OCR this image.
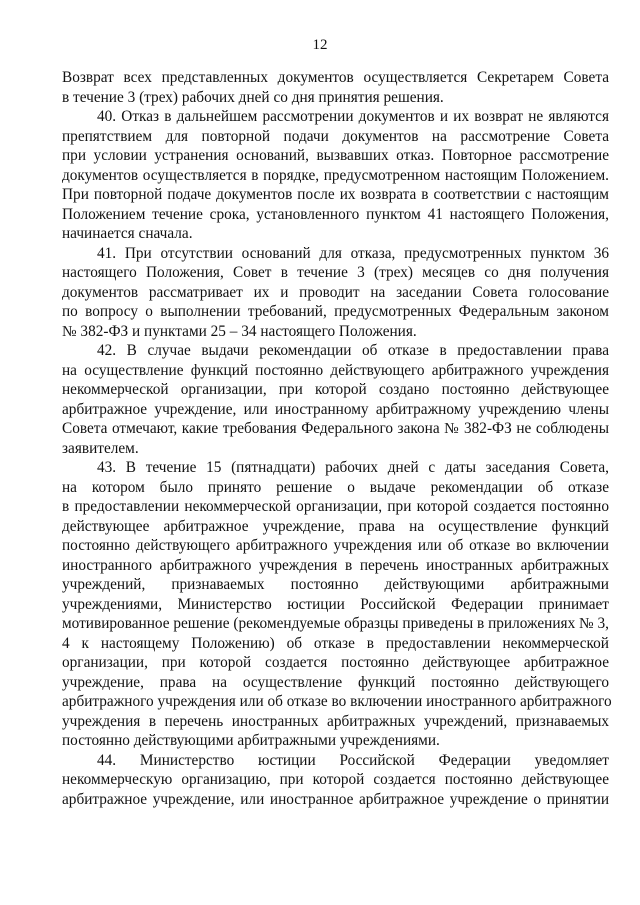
12
Возврат всех представленных документов осуществляется Секретарем Совета
в течение 3 (трех) рабочих дней со дня принятия решения.
40. Отказ в дальнейшем рассмотрении документов и их возврат не являются
препятствием для повторной подачи документов на рассмотрение Совета
при условии устранения оснований, вызвавших отказ. Повторное рассмотрение
документов осуществляется в порядке, предусмотренном настоящим Положением.
При повторной подаче документов после их возврата в соответствии с настоящим
Положением течение срока, установленного пунктом 41 настоящего Положения,
начинается сначала.
41. При отсутствии оснований для отказа, предусмотренных пунктом 36
настоящего Положения, Совет в течение 3 (трех) месяцев со дня получения
документов рассматривает их и проводит на заседании Совета голосование
по вопросу о выполнении требований, предусмотренных Федеральным законом
№ 382-ФЗ и пунктами 25 – 34 настоящего Положения.
42. В случае выдачи рекомендации об отказе в предоставлении права
на осуществление функций постоянно действующего арбитражного учреждения
некоммерческой организации, при которой создано постоянно действующее
арбитражное учреждение, или иностранному арбитражному учреждению члены
Совета отмечают, какие требования Федерального закона № 382-ФЗ не соблюдены
заявителем.
43. В течение 15 (пятнадцати) рабочих дней с даты заседания Совета,
на котором было принято решение о выдаче рекомендации об отказе
в предоставлении некоммерческой организации, при которой создается постоянно
действующее арбитражное учреждение, права на осуществление функций
постоянно действующего арбитражного учреждения или об отказе во включении
иностранного арбитражного учреждения в перечень иностранных арбитражных
учреждений, признаваемых постоянно действующими арбитражными
учреждениями, Министерство юстиции Российской Федерации принимает
мотивированное решение (рекомендуемые образцы приведены в приложениях № 3,
4 к настоящему Положению) об отказе в предоставлении некоммерческой
организации, при которой создается постоянно действующее арбитражное
учреждение, права на осуществление функций постоянно действующего
арбитражного учреждения или об отказе во включении иностранного арбитражного
учреждения в перечень иностранных арбитражных учреждений, признаваемых
постоянно действующими арбитражными учреждениями.
44. Министерство юстиции Российской Федерации уведомляет
некоммерческую организацию, при которой создается постоянно действующее
арбитражное учреждение, или иностранное арбитражное учреждение о принятии
